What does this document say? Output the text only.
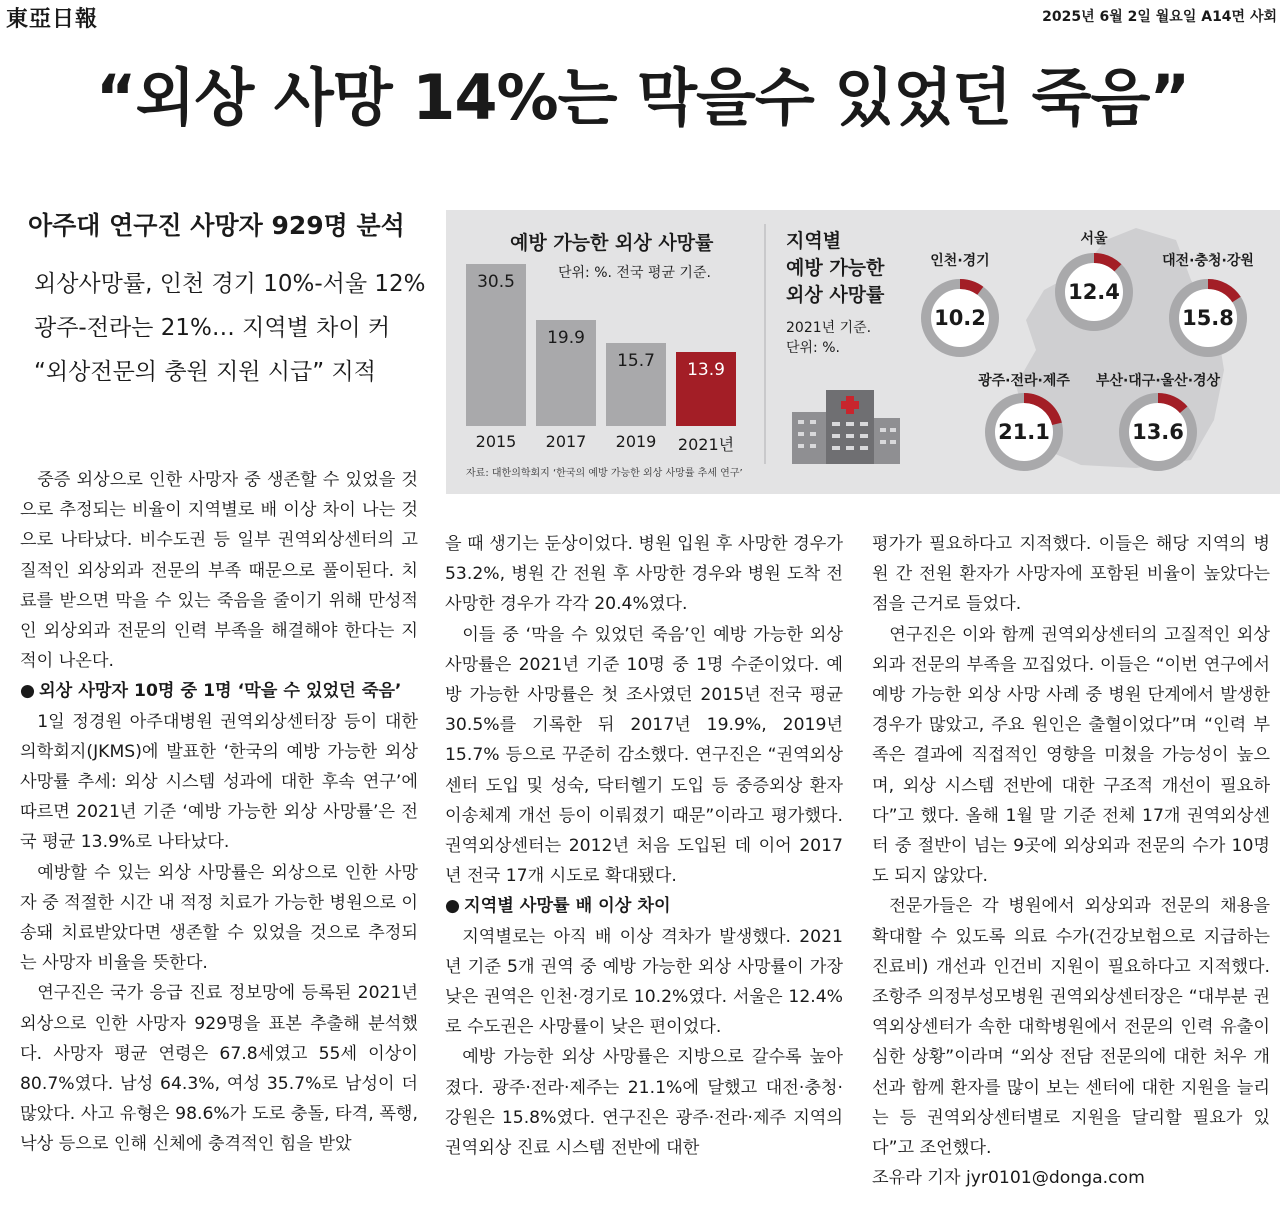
東亞日報	2025년 6월 2일 월요일 A14면 사회
“외상 사망 14%는 막을수 있었던 죽음”
아주대 연구진 사망자 929명 분석
외상사망률, 인천 경기 10%-서울 12%
광주-전라는 21%… 지역별 차이 커
“외상전문의 충원 지원 시급” 지적
30.5
2015
19.9
2017
15.7
2019
13.9
2021년
예방 가능한 외상 사망률
단위: %. 전국 평균 기준.
지역별
예방 가능한
외상 사망률
2021년 기준.
단위: %.
12.4
서울
10.2
인천·경기
15.8
대전·충청·강원
21.1
광주·전라·제주
13.6
부산·대구·울산·경상
자료: 대한의학회지 ‘한국의 예방 가능한 외상 사망률 추세 연구’

중증 외상으로 인한 사망자 중 생존할 수 있었을 것으로 추정되는 비율이 지역별로 배 이상 차이 나는 것으로 나타났다. 비수도권 등 일부 권역외상센터의 고질적인 외상외과 전문의 부족 때문으로 풀이된다. 치료를 받으면 막을 수 있는 죽음을 줄이기 위해 만성적인 외상외과 전문의 인력 부족을 해결해야 한다는 지적이 나온다.

● 외상 사망자 10명 중 1명 ‘막을 수 있었던 죽음’

1일 정경원 아주대병원 권역외상센터장 등이 대한의학회지(JKMS)에 발표한 ‘한국의 예방 가능한 외상 사망률 추세: 외상 시스템 성과에 대한 후속 연구’에 따르면 2021년 기준 ‘예방 가능한 외상 사망률’은 전국 평균 13.9%로 나타났다.

예방할 수 있는 외상 사망률은 외상으로 인한 사망자 중 적절한 시간 내 적정 치료가 가능한 병원으로 이송돼 치료받았다면 생존할 수 있었을 것으로 추정되는 사망자 비율을 뜻한다.

연구진은 국가 응급 진료 정보망에 등록된 2021년 외상으로 인한 사망자 929명을 표본 추출해 분석했다. 사망자 평균 연령은 67.8세였고 55세 이상이 80.7%였다. 남성 64.3%, 여성 35.7%로 남성이 더 많았다. 사고 유형은 98.6%가 도로 충돌, 타격, 폭행, 낙상 등으로 인해 신체에 충격적인 힘을 받았

을 때 생기는 둔상이었다. 병원 입원 후 사망한 경우가 53.2%, 병원 간 전원 후 사망한 경우와 병원 도착 전 사망한 경우가 각각 20.4%였다.

이들 중 ‘막을 수 있었던 죽음’인 예방 가능한 외상 사망률은 2021년 기준 10명 중 1명 수준이었다. 예방 가능한 사망률은 첫 조사였던 2015년 전국 평균 30.5%를 기록한 뒤 2017년 19.9%, 2019년 15.7% 등으로 꾸준히 감소했다. 연구진은 “권역외상센터 도입 및 성숙, 닥터헬기 도입 등 중증외상 환자 이송체계 개선 등이 이뤄졌기 때문”이라고 평가했다. 권역외상센터는 2012년 처음 도입된 데 이어 2017년 전국 17개 시도로 확대됐다.

● 지역별 사망률 배 이상 차이

지역별로는 아직 배 이상 격차가 발생했다. 2021년 기준 5개 권역 중 예방 가능한 외상 사망률이 가장 낮은 권역은 인천·경기로 10.2%였다. 서울은 12.4%로 수도권은 사망률이 낮은 편이었다.

예방 가능한 외상 사망률은 지방으로 갈수록 높아졌다. 광주·전라·제주는 21.1%에 달했고 대전·충청·강원은 15.8%였다. 연구진은 광주·전라·제주 지역의 권역외상 진료 시스템 전반에 대한

평가가 필요하다고 지적했다. 이들은 해당 지역의 병원 간 전원 환자가 사망자에 포함된 비율이 높았다는 점을 근거로 들었다.

연구진은 이와 함께 권역외상센터의 고질적인 외상외과 전문의 부족을 꼬집었다. 이들은 “이번 연구에서 예방 가능한 외상 사망 사례 중 병원 단계에서 발생한 경우가 많았고, 주요 원인은 출혈이었다”며 “인력 부족은 결과에 직접적인 영향을 미쳤을 가능성이 높으며, 외상 시스템 전반에 대한 구조적 개선이 필요하다”고 했다. 올해 1월 말 기준 전체 17개 권역외상센터 중 절반이 넘는 9곳에 외상외과 전문의 수가 10명도 되지 않았다.

전문가들은 각 병원에서 외상외과 전문의 채용을 확대할 수 있도록 의료 수가(건강보험으로 지급하는 진료비) 개선과 인건비 지원이 필요하다고 지적했다. 조항주 의정부성모병원 권역외상센터장은 “대부분 권역외상센터가 속한 대학병원에서 전문의 인력 유출이 심한 상황”이라며 “외상 전담 전문의에 대한 처우 개선과 함께 환자를 많이 보는 센터에 대한 지원을 늘리는 등 권역외상센터별로 지원을 달리할 필요가 있다”고 조언했다.

조유라 기자 jyr0101@donga.com
